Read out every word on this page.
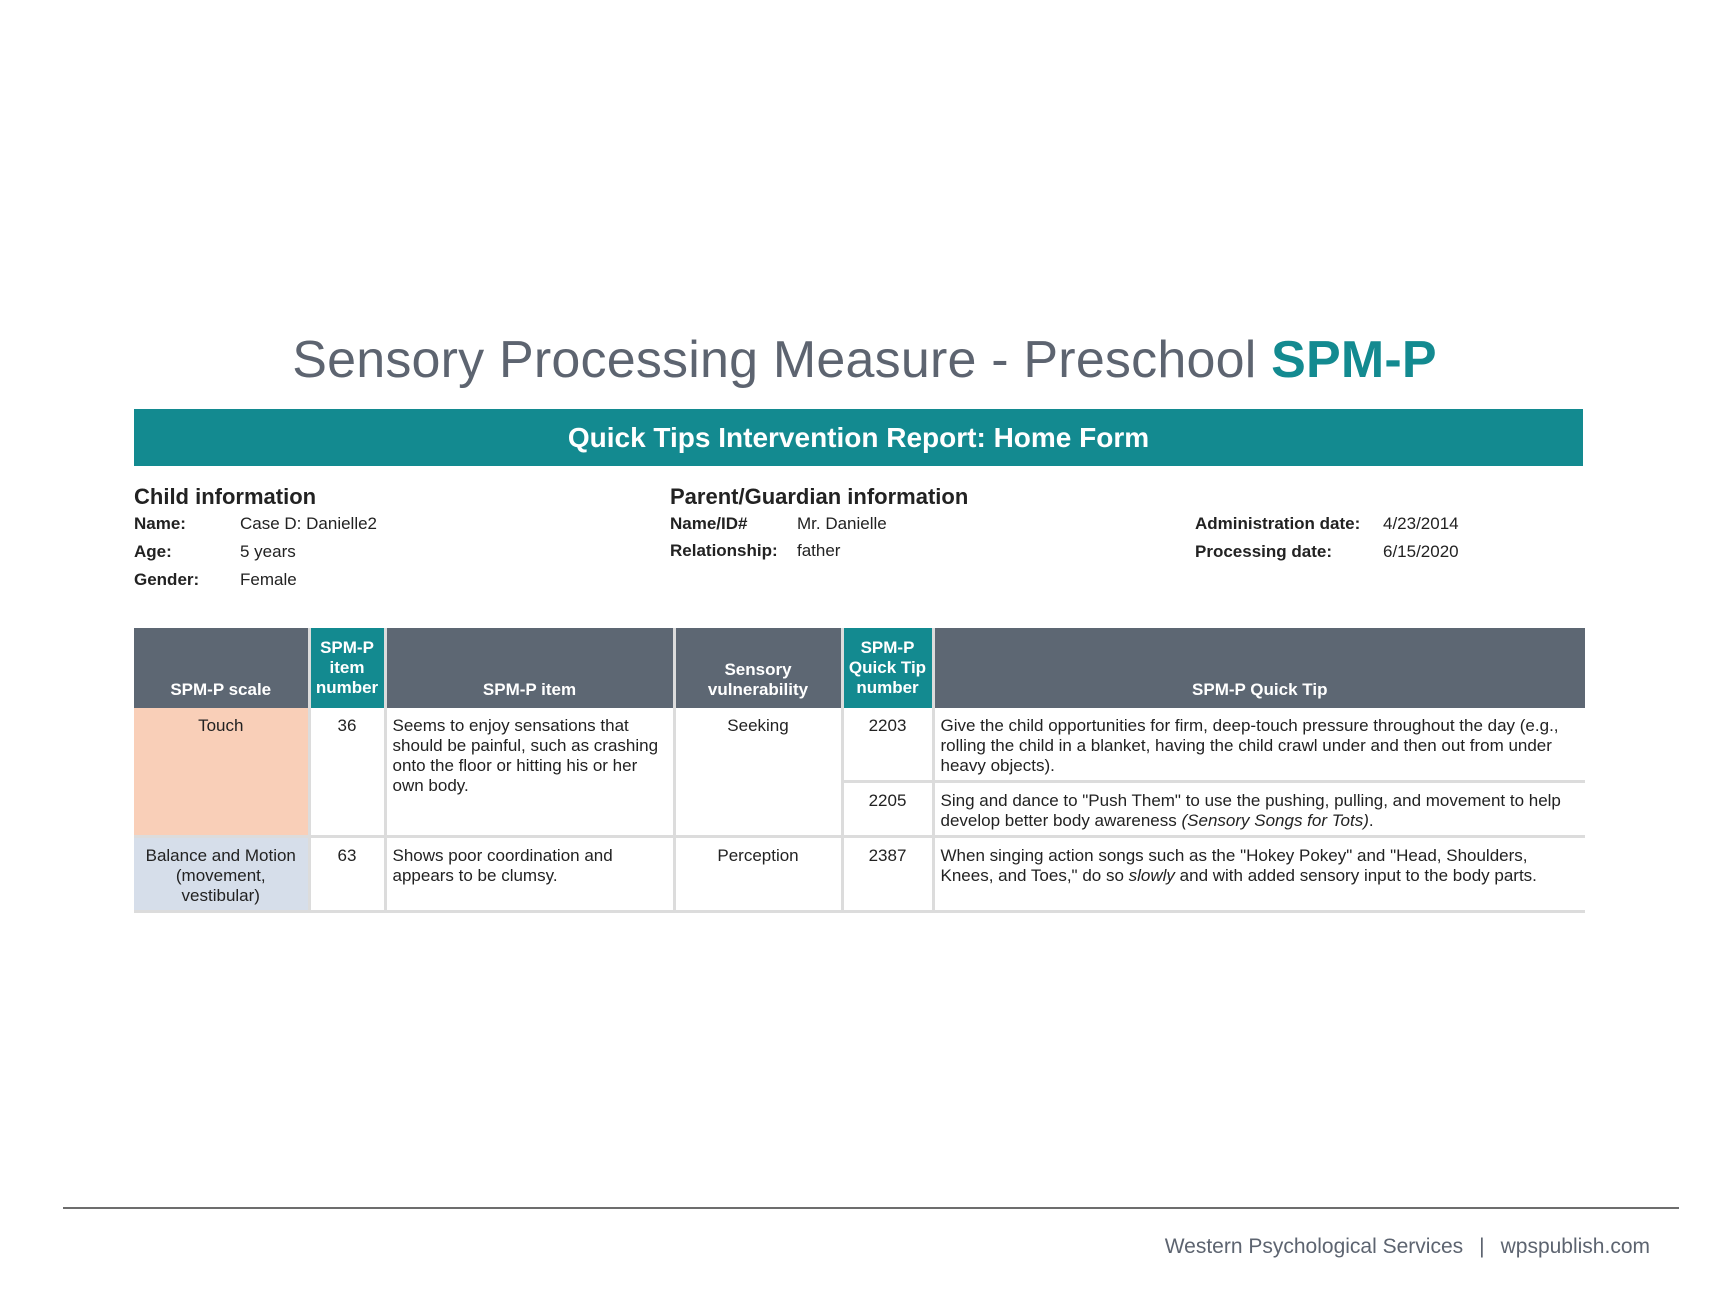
Sensory Processing Measure - Preschool SPM-P
Quick Tips Intervention Report: Home Form
Child information
Name:	Case D: Danielle2
Age:	5 years
Gender: Female
Parent/Guardian information
Name/ID#	Mr. Danielle
Relationship: father
Administration date: 4/23/2014
Processing date:	6/15/2020
SPM-P scale	SPM-P item number	SPM-P item	Sensory vulnerability	SPM-P Quick Tip number	SPM-P Quick Tip
Touch	36	Seems to enjoy sensations that should be painful, such as crashing onto the floor or hitting his or her own body.	Seeking	2203	Give the child opportunities for firm, deep-touch pressure throughout the day (e.g., rolling the child in a blanket, having the child crawl under and then out from under heavy objects).
				2205	Sing and dance to "Push Them" to use the pushing, pulling, and movement to help develop better body awareness (Sensory Songs for Tots).
Balance and Motion (movement, vestibular)	63	Shows poor coordination and appears to be clumsy.	Perception	2387	When singing action songs such as the "Hokey Pokey" and "Head, Shoulders, Knees, and Toes," do so slowly and with added sensory input to the body parts.
Western Psychological Services | wpspublish.com
